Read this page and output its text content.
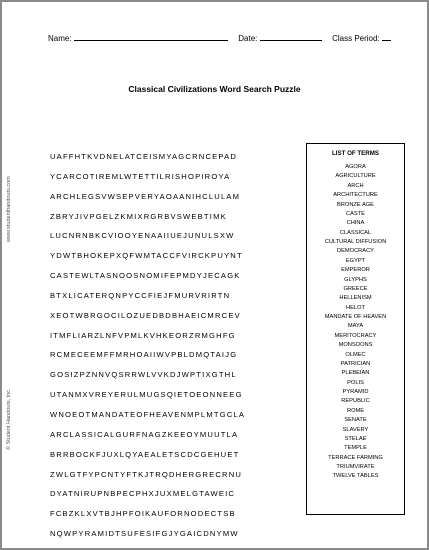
Name:	Date:	Class Period:
Classical Civilizations Word Search Puzzle
UAFFHTKVDNELATCEISMYAGCRNCEPAD
YCARCOTIREMLWTETTILRISHOPIROYA
ARCHLEGSVWSEPVERYAOAANIHCLULAM
ZBRYJIVPGELZKMIXRGRBVSWEBTIMK
LUCNRNBKCVIOOYENAAIIUEJUNULSXW
YDWTBHOKEPXQFWMTACCFVIRCKPUYNT
CASTEWLTASNOOSNOMIFEPMDYJECAGK
BTXLICATERQNPYCCFIEJFMURVRIRTN
XEOTWBRGOCILOZUEDBDBHAEICMRCEV
ITMFLIARZLNFVPMLKVHKEORZRMGHFG
RCMECEEMFFMRHOAIIWVPBLDMQTAIJG
GOSIZPZNNVQSRRWLVVKDJWPTIXGTHL
UTANMXVREYERULMUGSQIETOEONNEEG
WNOEOTMANDATEOFHEAVENMPLMTGCLA
ARCLASSICALGURFNAGZKEEOYMUUTLA
BRRBOCKFJUXLQYAEALETSCDCGEHUET
ZWLGTFYPCNTYFTKJTRQDHERGRECRNU
DYATNIRUPNBPECPHXJUXMELGTAWEIC
FCBZKLXVTBJHPFOIKAUFORNODECTSB
NQWPYRAMIDTSUFESIFGJYGAICDNYMW
LIST OF TERMS
AGORA
AGRICULTURE
ARCH
ARCHITECTURE
BRONZE AGE
CASTE
CHINA
CLASSICAL
CULTURAL DIFFUSION
DEMOCRACY
EGYPT
EMPEROR
GLYPHS
GREECE
HELLENISM
HELOT
MANDATE OF HEAVEN
MAYA
MERITOCRACY
MONSOONS
OLMEC
PATRICIAN
PLEBEIAN
POLIS
PYRAMID
REPUBLIC
ROME
SENATE
SLAVERY
STELAE
TEMPLE
TERRACE FARMING
TRIUMVIRATE
TWELVE TABLES
www.studenthandouts.com
© Student Handouts, Inc.
